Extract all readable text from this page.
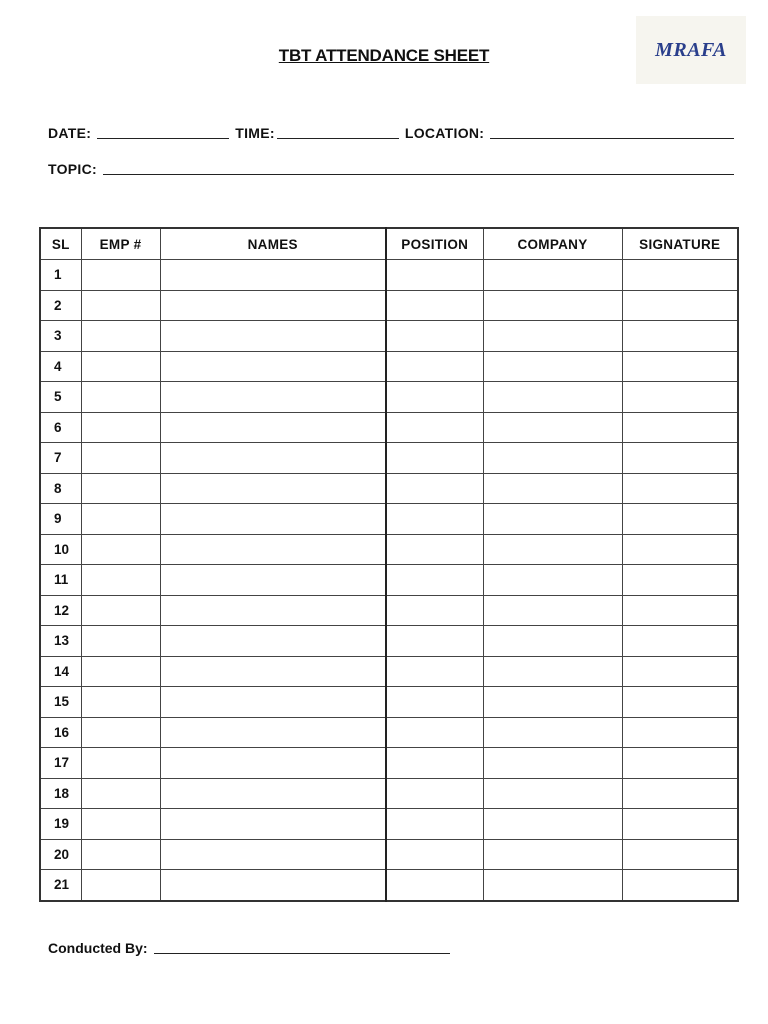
TBT ATTENDANCE SHEET	MRAFA
DATE:	TIME:	LOCATION:
TOPIC:
SL	EMP #	NAMES	POSITION	COMPANY	SIGNATURE
1					
2					
3					
4					
5					
6					
7					
8					
9					
10					
11					
12					
13					
14					
15					
16					
17					
18					
19					
20					
21					
Conducted By:
